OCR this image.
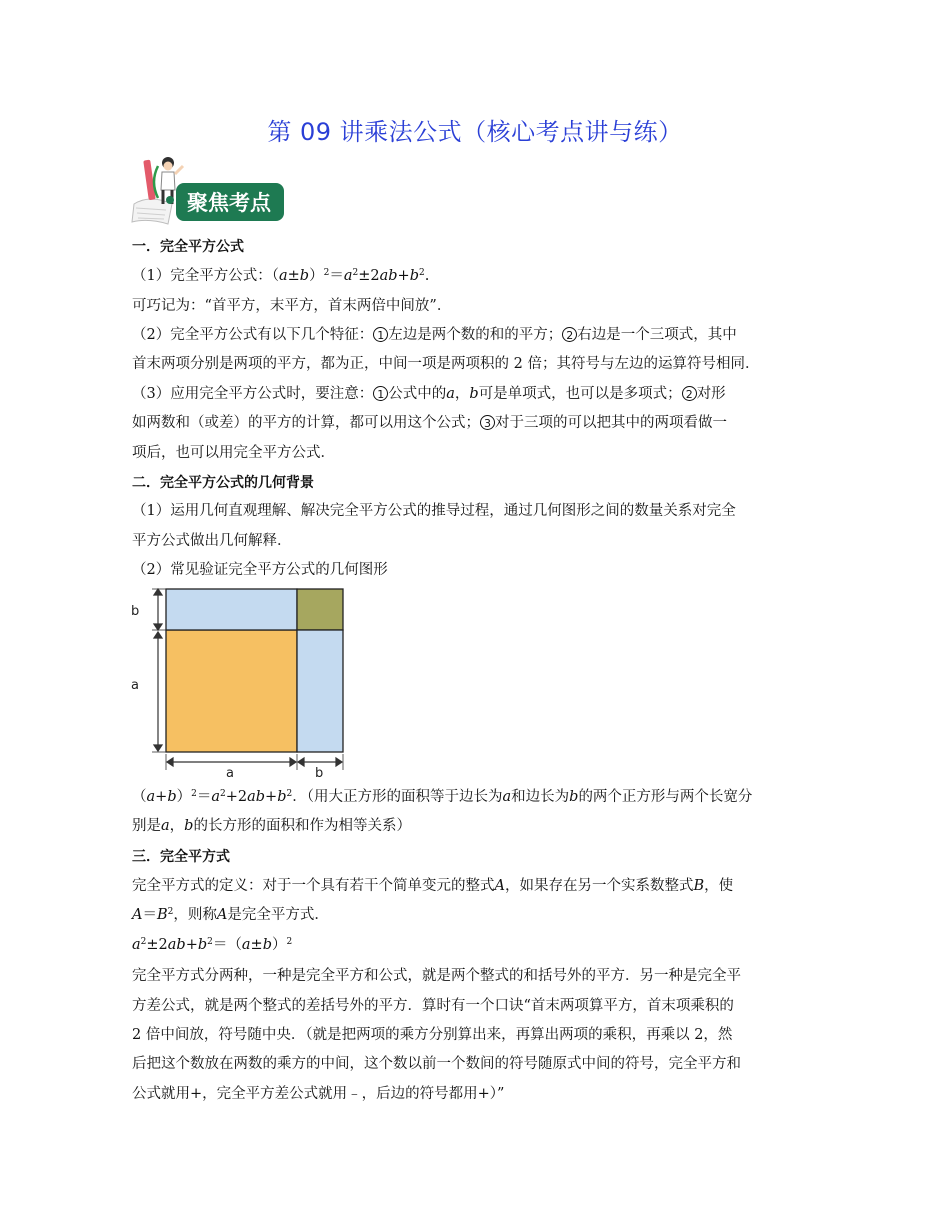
第 09 讲乘法公式（核心考点讲与练）
聚焦考点
一．完全平方公式
（1）完全平方公式：$(a\pm b)^2=a^2\pm 2ab+b^2$.
可巧记为：“首平方，末平方，首末两倍中间放”．
（2）完全平方公式有以下几个特征： 1 左边是两个数的和的平方； 2 右边是一个三项式，其中
首末两项分别是两项的平方，都为正，中间一项是两项积的 2 倍；其符号与左边的运算符号相同．
（3）应用完全平方公式时，要注意： 1 公式中的a，b可是单项式，也可以是多项式； 2 对形
如两数和（或差）的平方的计算，都可以用这个公式； 3 对于三项的可以把其中的两项看做一
项后，也可以用完全平方公式．
二．完全平方公式的几何背景
（1）运用几何直观理解、解决完全平方公式的推导过程，通过几何图形之间的数量关系对完全
平方公式做出几何解释．
（2）常见验证完全平方公式的几何图形
b
a
a	b
$(a+b)^2=a^2+2ab+b^2$．（用大正方形的面积等于边长为a和边长为b的两个正方形与两个长宽分
别是a，b的长方形的面积和作为相等关系）
三．完全平方式
完全平方式的定义：对于一个具有若干个简单变元的整式A，如果存在另一个实系数整式B，使
$A=B^2$，则称A是完全平方式．
$a^2\pm 2ab+b^2=(a\pm b)^2$
完全平方式分两种，一种是完全平方和公式，就是两个整式的和括号外的平方．另一种是完全平
方差公式，就是两个整式的差括号外的平方．算时有一个口诀“首末两项算平方，首末项乘积的
2 倍中间放，符号随中央．（就是把两项的乘方分别算出来，再算出两项的乘积，再乘以 2，然
后把这个数放在两数的乘方的中间，这个数以前一个数间的符号随原式中间的符号，完全平方和
公式就用+，完全平方差公式就用﹣，后边的符号都用+）”
